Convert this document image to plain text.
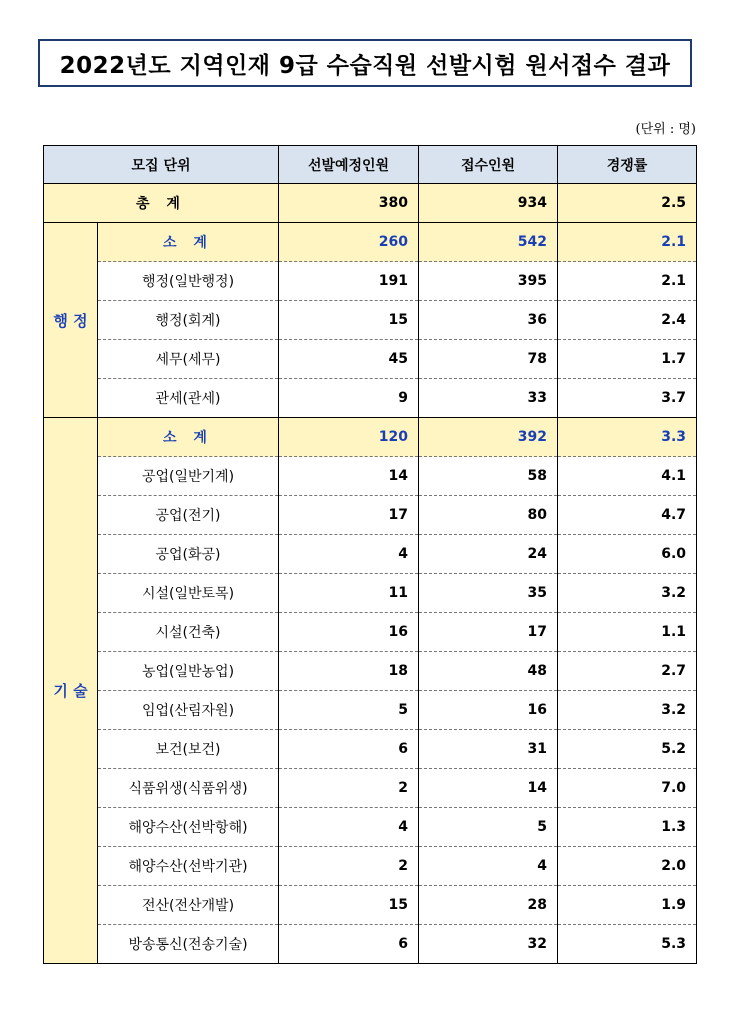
2022년도 지역인재 9급 수습직원 선발시험 원서접수 결과
(단위 : 명)
모집 단위		선발예정인원	접수인원	경쟁률
총 계		380	934	2.5
행 정	소 계	260	542	2.1
	행정(일반행정)	191	395	2.1
	행정(회계)	15	36	2.4
	세무(세무)	45	78	1.7
	관세(관세)	9	33	3.7
기 술	소 계	120	392	3.3
	공업(일반기계)	14	58	4.1
	공업(전기)	17	80	4.7
	공업(화공)	4	24	6.0
	시설(일반토목)	11	35	3.2
	시설(건축)	16	17	1.1
	농업(일반농업)	18	48	2.7
	임업(산림자원)	5	16	3.2
	보건(보건)	6	31	5.2
	식품위생(식품위생)	2	14	7.0
	해양수산(선박항해)	4	5	1.3
	해양수산(선박기관)	2	4	2.0
	전산(전산개발)	15	28	1.9
	방송통신(전송기술)	6	32	5.3
